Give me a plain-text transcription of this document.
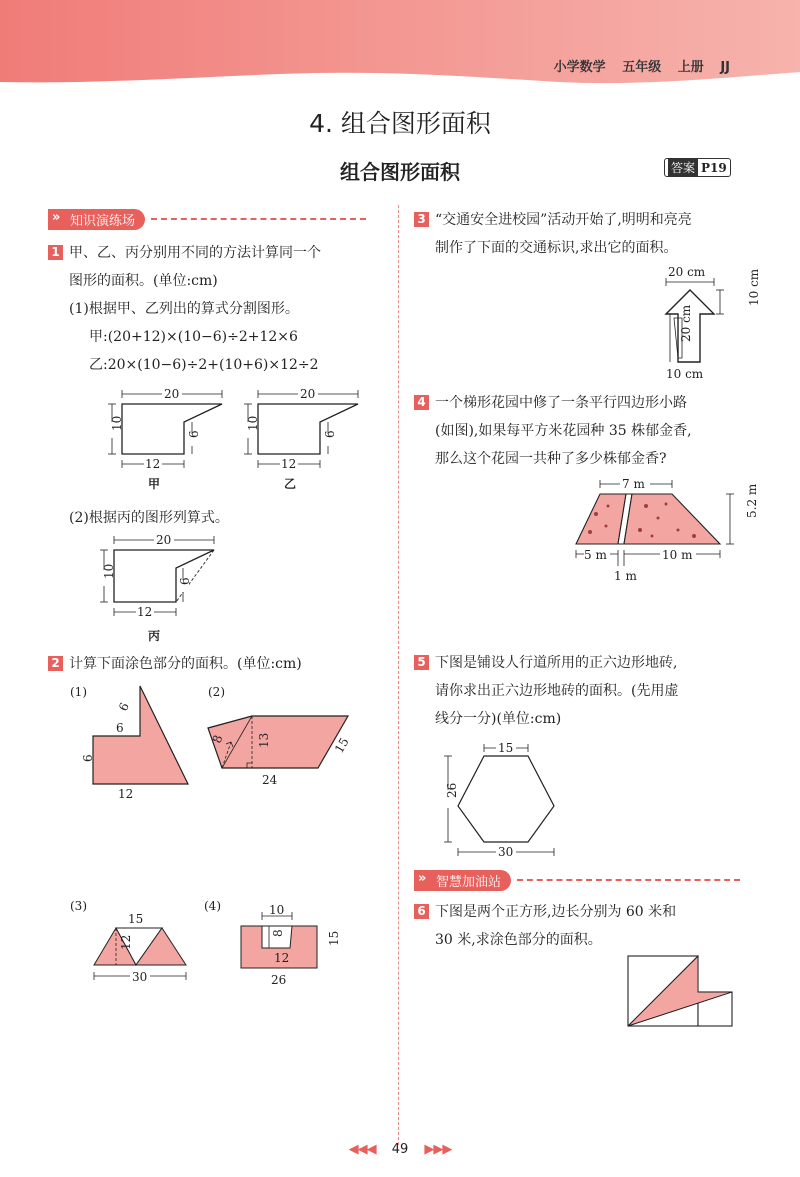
小学数学 五年级 上册 JJ
4. 组合图形面积
组合图形面积	答案 P19
» 知识演练场
1 甲、乙、丙分别用不同的方法计算同一个
图形的面积。(单位:cm)
(1)根据甲、乙列出的算式分割图形。
甲:(20+12)×(10−6)÷2+12×6
乙:20×(10−6)÷2+(10+6)×12÷2
20
10
6
12
20
10
6
12
甲	乙
(2)根据丙的图形列算式。
20
10
6
12
丙
2 计算下面涂色部分的面积。(单位:cm)
(1)	(2)
6
6
6
12
8	13	15
24
(3)	(4)
15
12
30
10
8
12
15
26
3 “交通安全进校园”活动开始了,明明和亮亮
制作了下面的交通标识,求出它的面积。
20 cm	10 cm
20 cm
10 cm
4 一个梯形花园中修了一条平行四边形小路
(如图),如果每平方米花园种 35 株郁金香,
那么这个花园一共种了多少株郁金香?
7 m	5.2 m
5 m	10 m
1 m
5 下图是铺设人行道所用的正六边形地砖,
请你求出正六边形地砖的面积。(先用虚
线分一分)(单位:cm)
15
26
30
» 智慧加油站
6 下图是两个正方形,边长分别为 60 米和
30 米,求涂色部分的面积。
◀◀◀ 49 ▶▶▶
